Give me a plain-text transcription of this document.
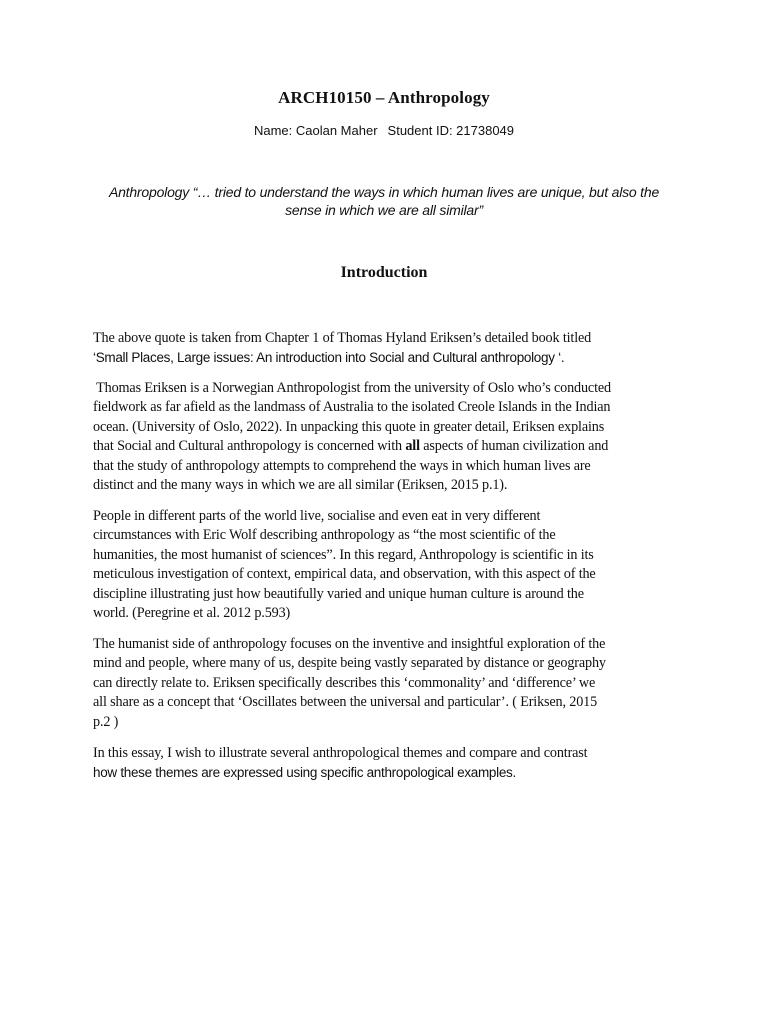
ARCH10150 – Anthropology
Name: Caolan Maher Student ID: 21738049
Anthropology “… tried to understand the ways in which human lives are unique, but also the
sense in which we are all similar”
Introduction

The above quote is taken from Chapter 1 of Thomas Hyland Eriksen’s detailed book titled

‘Small Places, Large issues: An introduction into Social and Cultural anthropology ‘.

Thomas Eriksen is a Norwegian Anthropologist from the university of Oslo who’s conducted

fieldwork as far afield as the landmass of Australia to the isolated Creole Islands in the Indian

ocean. (University of Oslo, 2022). In unpacking this quote in greater detail, Eriksen explains

that Social and Cultural anthropology is concerned with all aspects of human civilization and

that the study of anthropology attempts to comprehend the ways in which human lives are

distinct and the many ways in which we are all similar (Eriksen, 2015 p.1).

People in different parts of the world live, socialise and even eat in very different

circumstances with Eric Wolf describing anthropology as “the most scientific of the

humanities, the most humanist of sciences”. In this regard, Anthropology is scientific in its

meticulous investigation of context, empirical data, and observation, with this aspect of the

discipline illustrating just how beautifully varied and unique human culture is around the

world. (Peregrine et al. 2012 p.593)

The humanist side of anthropology focuses on the inventive and insightful exploration of the

mind and people, where many of us, despite being vastly separated by distance or geography

can directly relate to. Eriksen specifically describes this ‘commonality’ and ‘difference’ we

all share as a concept that ‘Oscillates between the universal and particular’. ( Eriksen, 2015

p.2 )

In this essay, I wish to illustrate several anthropological themes and compare and contrast

how these themes are expressed using specific anthropological examples.
